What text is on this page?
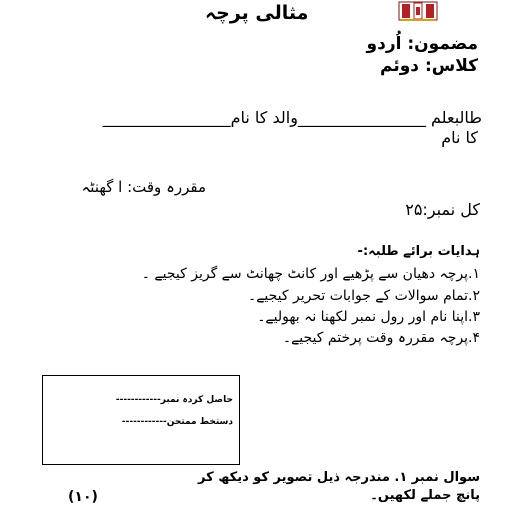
مثالی پرچہ
مضمون: اُردو
کلاس: دوئم
طالبعلم ________________والد کا نام________________
کا نام
مقررہ وقت: ا گھنٹہ
کل نمبر:۲۵
ہدایات برائے طلبہ:-
۱.پرچہ دھیان سے پڑھیے اور کانٹ چھانٹ سے گریز کیجیے ۔
۲.تمام سوالات کے جوابات تحریر کیجیے۔
۳.اپنا نام اور رول نمبر لکھنا نہ بھولیے۔
۴.پرچہ مقررہ وقت پرختم کیجیے۔
حاصل کردہ نمبر------------
دستخط ممتحن------------
سوال نمبر ۱. مندرجہ ذیل تصویر کو دیکھ کر
پانچ جملے لکھیں۔
(۱۰)
